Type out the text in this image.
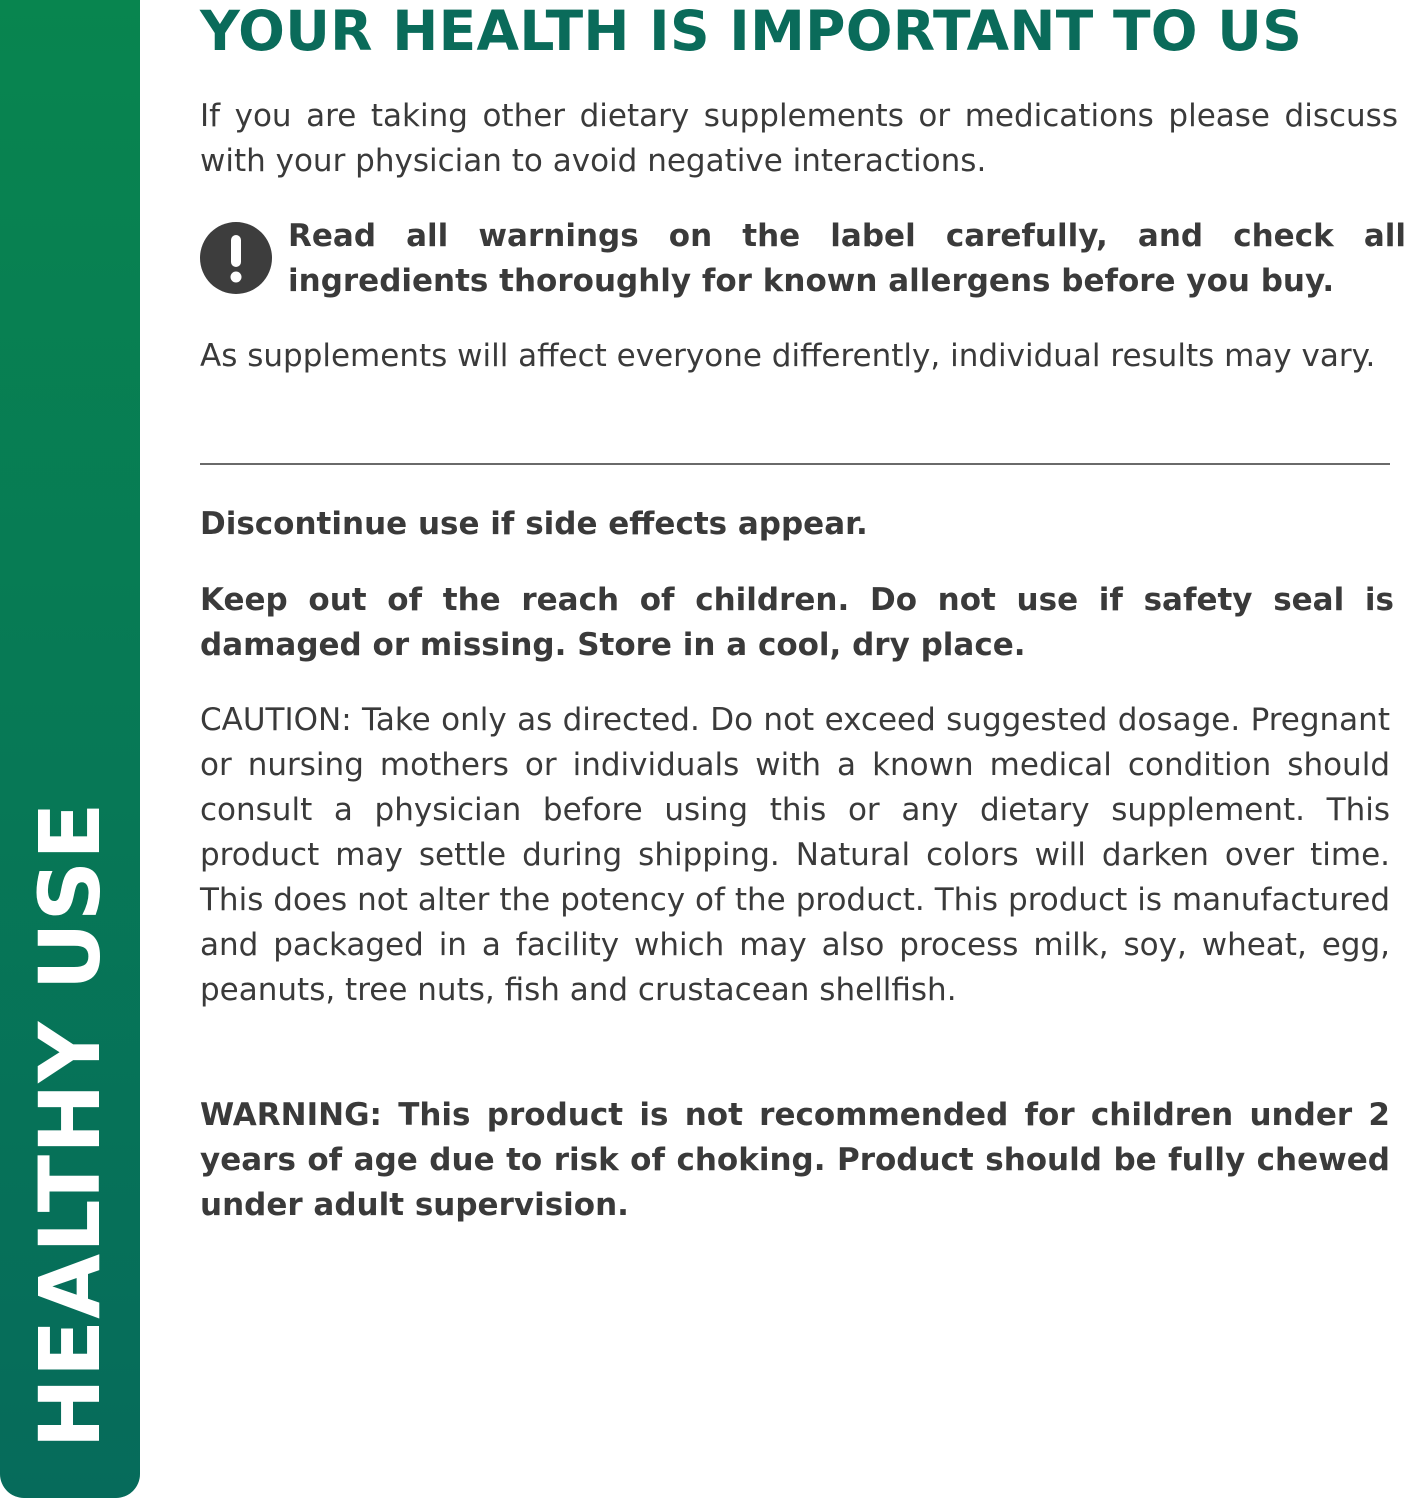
HEALTHY USE
YOUR HEALTH IS IMPORTANT TO US

If you are taking other dietary supplements or medications please discuss with your physician to avoid negative interactions.

Read all warnings on the label carefully, and check all ingredients thoroughly for known allergens before you buy.

As supplements will affect everyone differently, individual results may vary.

Discontinue use if side effects appear.

Keep out of the reach of children. Do not use if safety seal is damaged or missing. Store in a cool, dry place.

CAUTION: Take only as directed. Do not exceed suggested dosage. Pregnant or nursing mothers or individuals with a known medical condition should consult a physician before using this or any dietary supplement. This product may settle during shipping. Natural colors will darken over time. This does not alter the potency of the product. This product is manufactured and packaged in a facility which may also process milk, soy, wheat, egg, peanuts, tree nuts, fish and crustacean shellfish.

WARNING: This product is not recommended for children under 2 years of age due to risk of choking. Product should be fully chewed under adult supervision.
